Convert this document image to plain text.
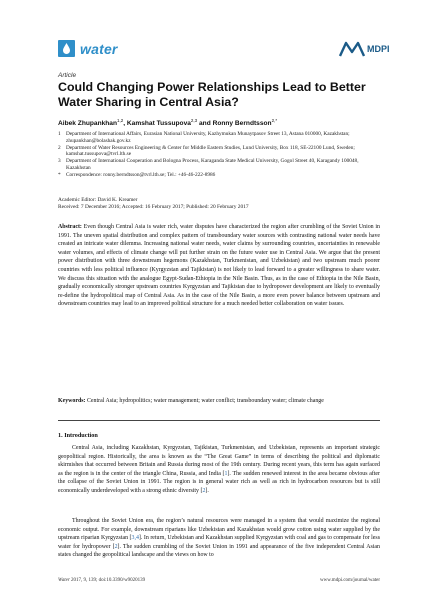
water	MDPI
Article
Could Changing Power Relationships Lead to Better Water Sharing in Central Asia?
Aibek Zhupankhan$^{1,2}$, Kamshat Tussupova$^{2,3}$ and Ronny Berndtsson$^{2,*}$
1	Department of International Affairs, Eurasian National University, Kazhymukan Munaytpasov Street 13, Astana 010000, Kazakhstan; zhupankhan@bolashak.gov.kz
2	Department of Water Resources Engineering & Center for Middle Eastern Studies, Lund University, Box 118, SE-22100 Lund, Sweden; kamshat.tussupova@tvrl.lth.se
3	Department of International Cooperation and Bologna Process, Karaganda State Medical University, Gogol Street 40, Karagandy 100048, Kazakhstan
*	Correspondence: ronny.berndtsson@tvrl.lth.se; Tel.: +46-46-222-8986
Academic Editor: David K. Kreamer
Received: 7 December 2016; Accepted: 16 February 2017; Published: 20 February 2017
Abstract: Even though Central Asia is water rich, water disputes have characterized the region after crumbling of the Soviet Union in 1991. The uneven spatial distribution and complex pattern of transboundary water sources with contrasting national water needs have created an intricate water dilemma. Increasing national water needs, water claims by surrounding countries, uncertainties in renewable water volumes, and effects of climate change will put further strain on the future water use in Central Asia. We argue that the present power distribution with three downstream hegemons (Kazakhstan, Turkmenistan, and Uzbekistan) and two upstream much poorer countries with less political influence (Kyrgyzstan and Tajikistan) is not likely to lead forward to a greater willingness to share water. We discuss this situation with the analogue Egypt-Sudan-Ethiopia in the Nile Basin. Thus, as in the case of Ethiopia in the Nile Basin, gradually economically stronger upstream countries Kyrgyzstan and Tajikistan due to hydropower development are likely to eventually re-define the hydropolitical map of Central Asia. As in the case of the Nile Basin, a more even power balance between upstream and downstream countries may lead to an improved political structure for a much needed better collaboration on water issues.
Keywords: Central Asia; hydropolitics; water management; water conflict; transboundary water; climate change
1. Introduction
Central Asia, including Kazakhstan, Kyrgyzstan, Tajikistan, Turkmenistan, and Uzbekistan, represents an important strategic geopolitical region. Historically, the area is known as the “The Great Game” in terms of describing the political and diplomatic skirmishes that occurred between Britain and Russia during most of the 19th century. During recent years, this term has again surfaced as the region is in the center of the triangle China, Russia, and India [1]. The sudden renewed interest in the area became obvious after the collapse of the Soviet Union in 1991. The region is in general water rich as well as rich in hydrocarbon resources but is still economically underdeveloped with a strong ethnic diversity [2].
Throughout the Soviet Union era, the region’s natural resources were managed in a system that would maximize the regional economic output. For example, downstream riparians like Uzbekistan and Kazakhstan would grow cotton using water supplied by the upstream riparian Kyrgyzstan [3,4]. In return, Uzbekistan and Kazakhstan supplied Kyrgyzstan with coal and gas to compensate for less water for hydropower [2]. The sudden crumbling of the Soviet Union in 1991 and appearance of the five independent Central Asian states changed the geopolitical landscape and the views on how to
Water 2017, 9, 139; doi:10.3390/w9020139	www.mdpi.com/journal/water
